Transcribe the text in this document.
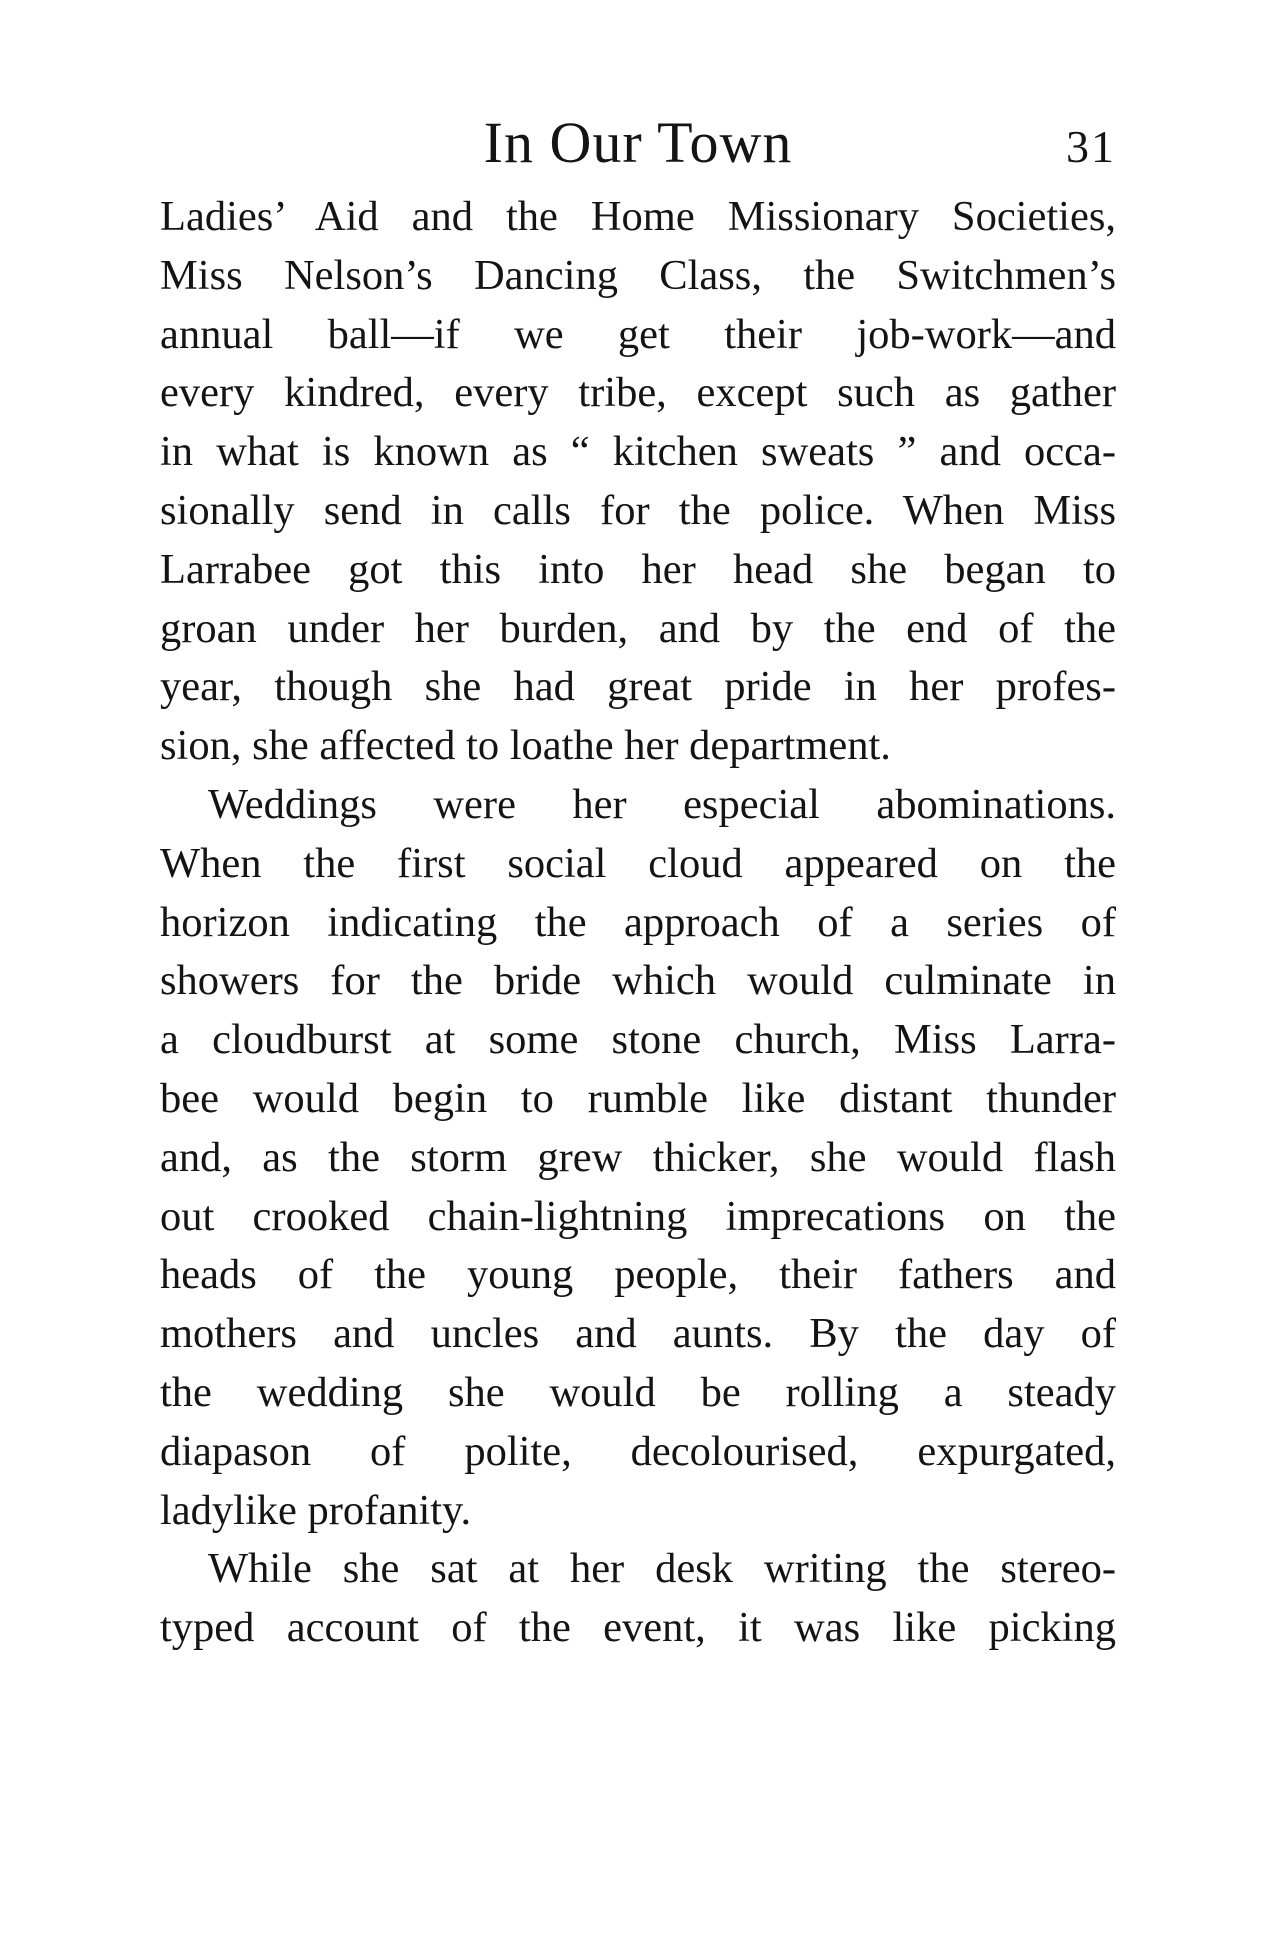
In Our Town	31
Ladies’ Aid and the Home Missionary Societies,
Miss Nelson’s Dancing Class, the Switchmen’s
annual ball—if we get their job-work—and
every kindred, every tribe, except such as gather
in what is known as “ kitchen sweats ” and occa-
sionally send in calls for the police. When Miss
Larrabee got this into her head she began to
groan under her burden, and by the end of the
year, though she had great pride in her profes-
sion, she affected to loathe her department.
Weddings were her especial abominations.
When the first social cloud appeared on the
horizon indicating the approach of a series of
showers for the bride which would culminate in
a cloudburst at some stone church, Miss Larra-
bee would begin to rumble like distant thunder
and, as the storm grew thicker, she would flash
out crooked chain-lightning imprecations on the
heads of the young people, their fathers and
mothers and uncles and aunts. By the day of
the wedding she would be rolling a steady
diapason of polite, decolourised, expurgated,
ladylike profanity.
While she sat at her desk writing the stereo-
typed account of the event, it was like picking
